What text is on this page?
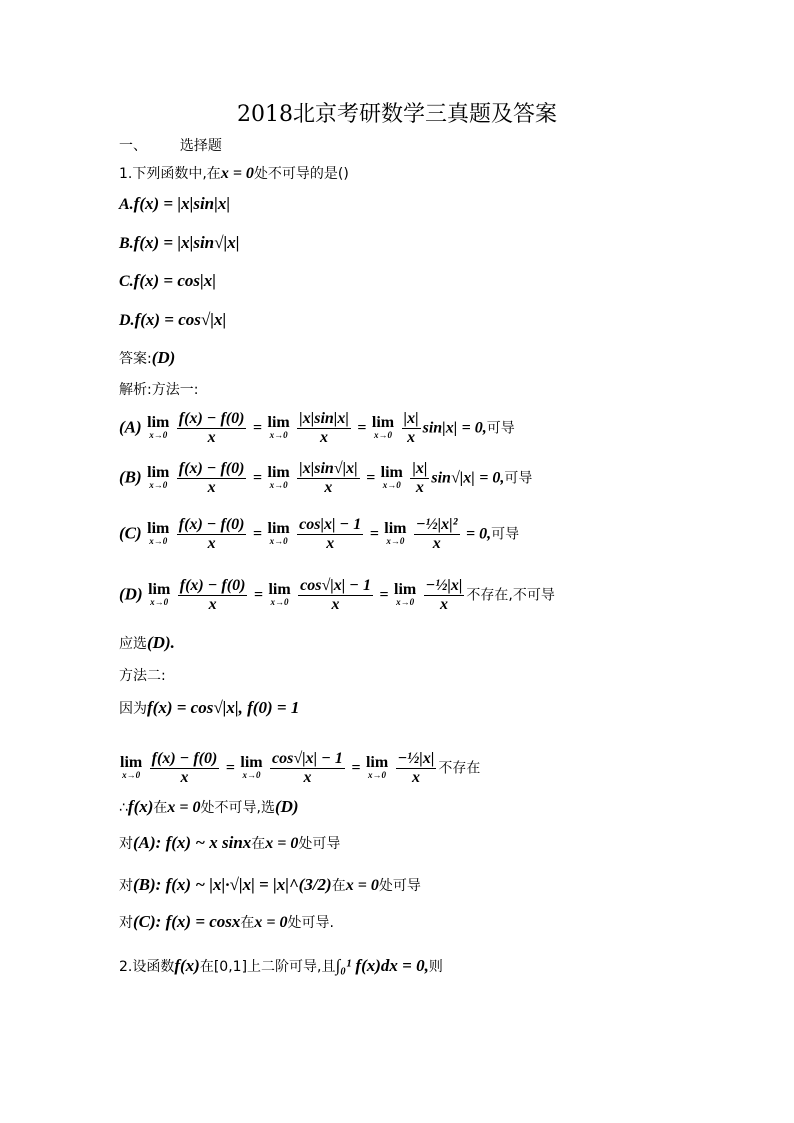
2018北京考研数学三真题及答案
一、 选择题
1.下列函数中,在x = 0处不可导的是()
A.f(x) = |x|sin|x|
B.f(x) = |x|sin√|x|
C.f(x) = cos|x|
D.f(x) = cos√|x|
答案:(D)
解析:方法一:
(A) lim
x→0
$\frac{f(x) - f(0)}{x} = \lim$
x→0
$\frac{|x|\sin|x|}{x} = \lim$
x→0
$\frac{|x|}{x} \sin|x| = 0$,可导
(B) lim
x→0
$\frac{f(x) - f(0)}{x} = \lim$
x→0
$\frac{|x|\sin√|x|}{x} = \lim$
x→0
$\frac{|x|}{x} \sin√|x| = 0$,可导
(C) lim
x→0
$\frac{f(x) - f(0)}{x} = \lim$
x→0
$\frac{\cos|x| - 1}{x} = \lim$
x→0
$\frac{\text{−½|x|²}}{x} = 0$,可导
(D) lim
x→0
$\frac{f(x) - f(0)}{x} = \lim$
x→0
$\frac{\cos√|x| - 1}{x} = \lim$
x→0
$\frac{\text{−½|x|}}{x}$ 不存在,不可导
应选(D).
方法二:
因为f(x) = cos√|x|, f(0) = 1
lim
x→0
$\frac{f(x) - f(0)}{x} = \lim$
x→0
$\frac{\cos√|x| - 1}{x} = \lim$
x→0
$\frac{\text{−½|x|}}{x}$ 不存在
∴f(x)在x = 0处不可导,选(D)
对(A): f(x) ~ x sinx在x = 0处可导
对(B): f(x) ~ |x|·√|x| = |x|^(3/2)在x = 0处可导
对(C): f(x) = cosx在x = 0处可导.
2.设函数f(x)在[0,1]上二阶可导,且∫₀¹ f(x)dx = 0,则
